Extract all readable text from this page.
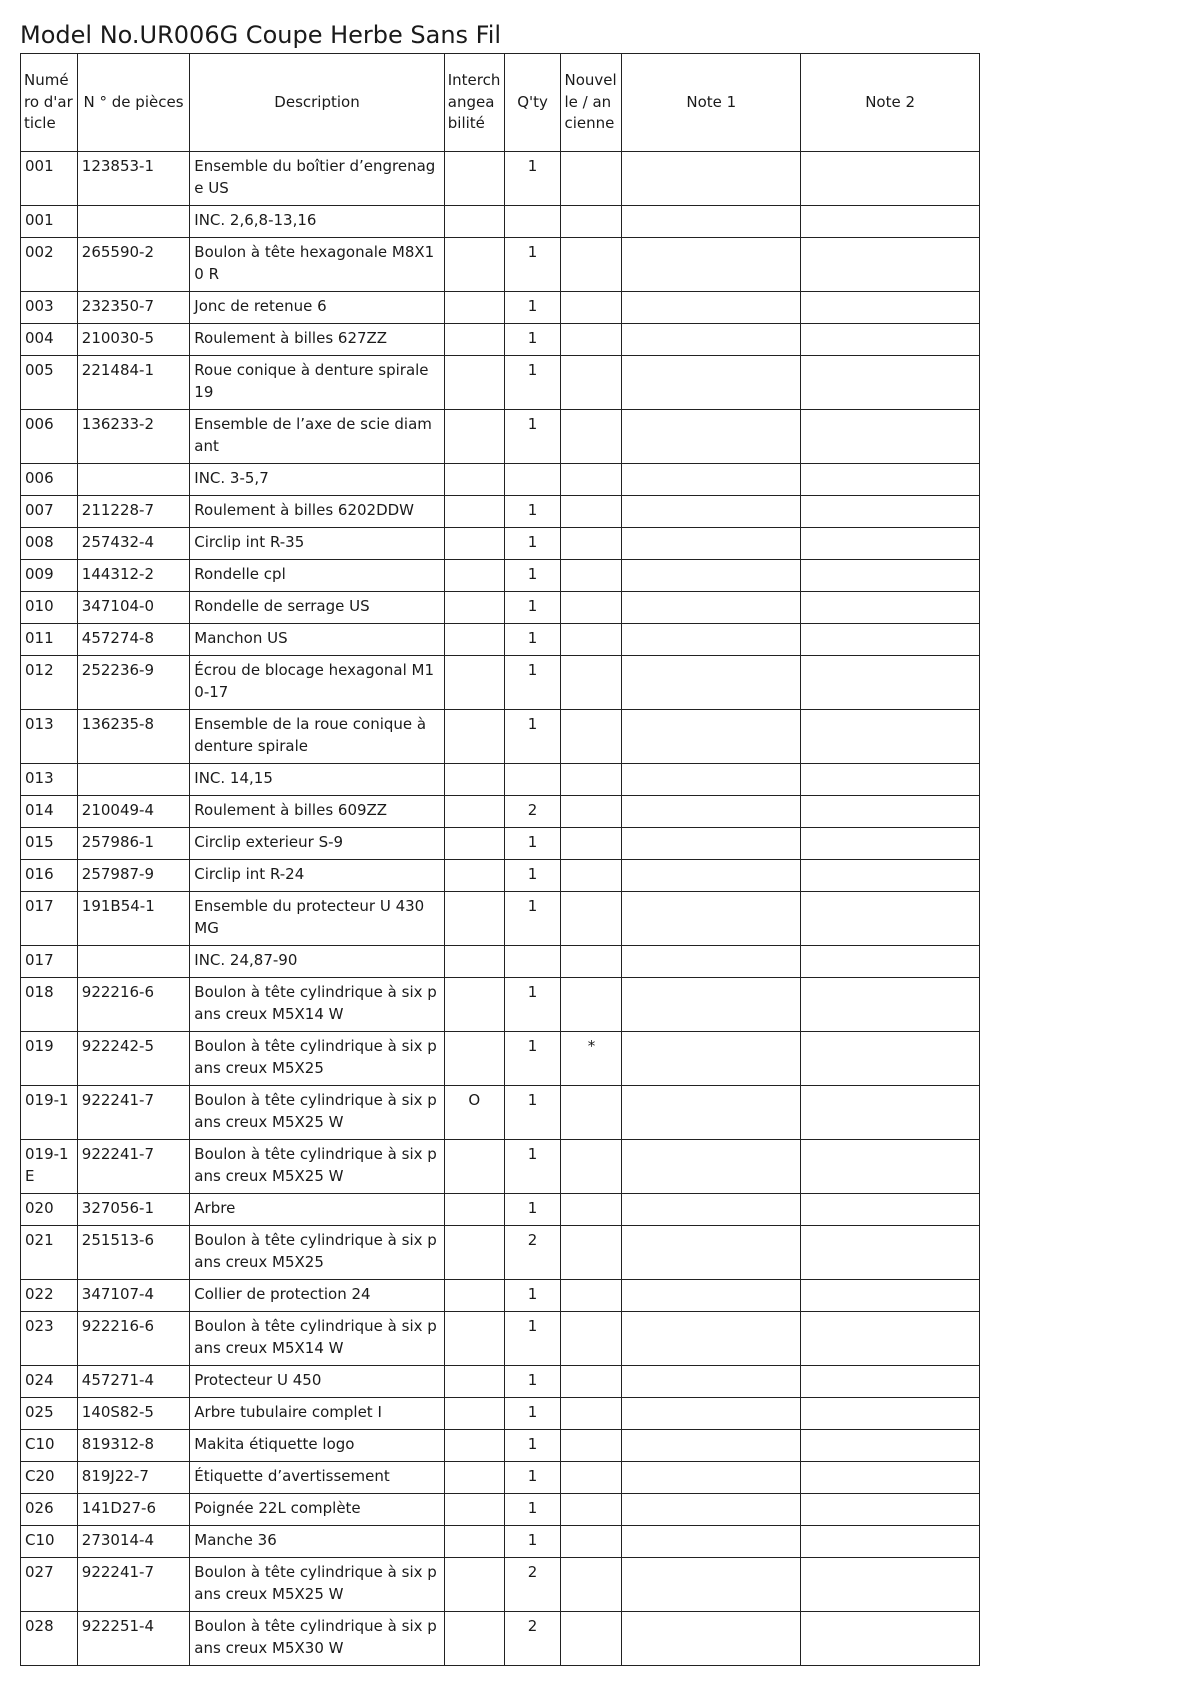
Model No.UR006G Coupe Herbe Sans Fil
Numéro d'article	N ° de pièces	Description	Interchangeabilité	Q'ty	Nouvelle / ancienne	Note 1	Note 2
001	123853-1	Ensemble du boîtier d’engrenage US		1			
001		INC. 2,6,8-13,16					
002	265590-2	Boulon à tête hexagonale M8X10 R		1			
003	232350-7	Jonc de retenue 6		1			
004	210030-5	Roulement à billes 627ZZ		1			
005	221484-1	Roue conique à denture spirale 19		1			
006	136233-2	Ensemble de l’axe de scie diamant		1			
006		INC. 3-5,7					
007	211228-7	Roulement à billes 6202DDW		1			
008	257432-4	Circlip int R-35		1			
009	144312-2	Rondelle cpl		1			
010	347104-0	Rondelle de serrage US		1			
011	457274-8	Manchon US		1			
012	252236-9	Écrou de blocage hexagonal M10-17		1			
013	136235-8	Ensemble de la roue conique à denture spirale		1			
013		INC. 14,15					
014	210049-4	Roulement à billes 609ZZ		2			
015	257986-1	Circlip exterieur S-9		1			
016	257987-9	Circlip int R-24		1			
017	191B54-1	Ensemble du protecteur U 430 MG		1			
017		INC. 24,87-90					
018	922216-6	Boulon à tête cylindrique à six pans creux M5X14 W		1			
019	922242-5	Boulon à tête cylindrique à six pans creux M5X25		1	*		
019-1	922241-7	Boulon à tête cylindrique à six pans creux M5X25 W	O	1			
019-1E	922241-7	Boulon à tête cylindrique à six pans creux M5X25 W		1			
020	327056-1	Arbre		1			
021	251513-6	Boulon à tête cylindrique à six pans creux M5X25		2			
022	347107-4	Collier de protection 24		1			
023	922216-6	Boulon à tête cylindrique à six pans creux M5X14 W		1			
024	457271-4	Protecteur U 450		1			
025	140S82-5	Arbre tubulaire complet I		1			
C10	819312-8	Makita étiquette logo		1			
C20	819J22-7	Étiquette d’avertissement		1			
026	141D27-6	Poignée 22L complète		1			
C10	273014-4	Manche 36		1			
027	922241-7	Boulon à tête cylindrique à six pans creux M5X25 W		2			
028	922251-4	Boulon à tête cylindrique à six pans creux M5X30 W		2			
